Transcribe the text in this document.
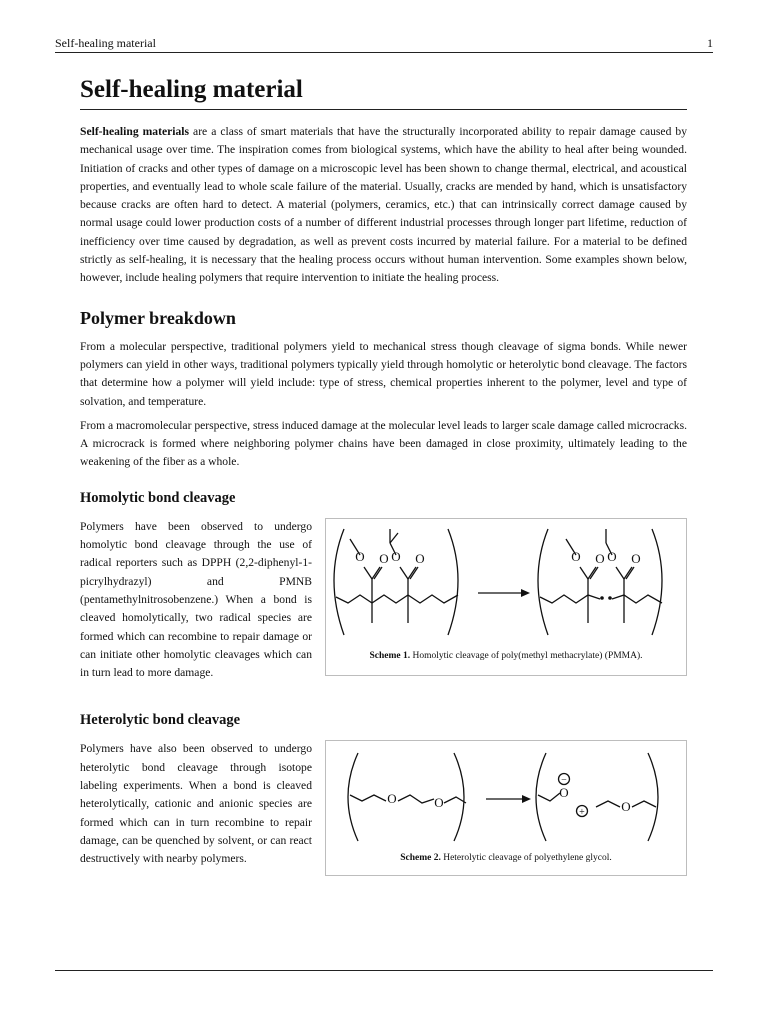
Self-healing material	1
Self-healing material

Self-healing materials are a class of smart materials that have the structurally incorporated ability to repair damage caused by mechanical usage over time. The inspiration comes from biological systems, which have the ability to heal after being wounded. Initiation of cracks and other types of damage on a microscopic level has been shown to change thermal, electrical, and acoustical properties, and eventually lead to whole scale failure of the material. Usually, cracks are mended by hand, which is unsatisfactory because cracks are often hard to detect. A material (polymers, ceramics, etc.) that can intrinsically correct damage caused by normal usage could lower production costs of a number of different industrial processes through longer part lifetime, reduction of inefficiency over time caused by degradation, as well as prevent costs incurred by material failure. For a material to be defined strictly as self-healing, it is necessary that the healing process occurs without human intervention. Some examples shown below, however, include healing polymers that require intervention to initiate the healing process.

Polymer breakdown

From a molecular perspective, traditional polymers yield to mechanical stress though cleavage of sigma bonds. While newer polymers can yield in other ways, traditional polymers typically yield through homolytic or heterolytic bond cleavage. The factors that determine how a polymer will yield include: type of stress, chemical properties inherent to the polymer, level and type of solvation, and temperature.

From a macromolecular perspective, stress induced damage at the molecular level leads to larger scale damage called microcracks. A microcrack is formed where neighboring polymer chains have been damaged in close proximity, ultimately leading to the weakening of the fiber as a whole.

Homolytic bond cleavage

Polymers have been observed to undergo homolytic bond cleavage through the use of radical reporters such as DPPH (2,2-diphenyl-1-picrylhydrazyl) and PMNB (pentamethylnitrosobenzene.) When a bond is cleaved homolytically, two radical species are formed which can recombine to repair damage or can initiate other homolytic cleavages which can in turn lead to more damage.

O O O O	O O O O
Scheme 1. Homolytic cleavage of poly(methyl methacrylate) (PMMA).
Heterolytic bond cleavage

Polymers have also been observed to undergo heterolytic bond cleavage through isotope labeling experiments. When a bond is cleaved heterolytically, cationic and anionic species are formed which can in turn recombine to repair damage, can be quenched by solvent, or can react destructively with nearby polymers.

O	O
O
O
−
+
Scheme 2. Heterolytic cleavage of polyethylene glycol.
